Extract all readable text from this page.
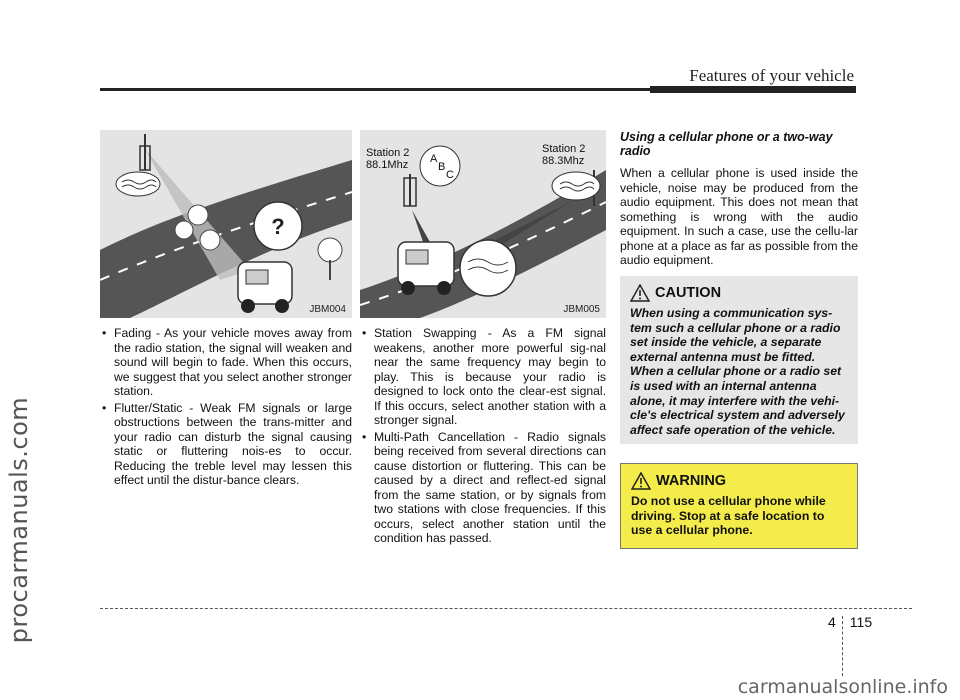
procarmanuals.com
Features of your vehicle
?
JBM004
Station 2
88.1Mhz
Station 2
88.3Mhz
A
B
C
JBM005

• Fading - As your vehicle moves away from the radio station, the signal will weaken and sound will begin to fade. When this occurs, we suggest that you select another stronger station.

• Flutter/Static - Weak FM signals or large obstructions between the trans-mitter and your radio can disturb the signal causing static or fluttering nois-es to occur. Reducing the treble level may lessen this effect until the distur-bance clears.

• Station Swapping - As a FM signal weakens, another more powerful sig-nal near the same frequency may begin to play. This is because your radio is designed to lock onto the clear-est signal. If this occurs, select another station with a stronger signal.

• Multi-Path Cancellation - Radio signals being received from several directions can cause distortion or fluttering. This can be caused by a direct and reflect-ed signal from the same station, or by signals from two stations with close frequencies. If this occurs, select another station until the condition has passed.

Using a cellular phone or a two-way radio

When a cellular phone is used inside the vehicle, noise may be produced from the audio equipment. This does not mean that something is wrong with the audio equipment. In such a case, use the cellu-lar phone at a place as far as possible from the audio equipment.

CAUTION

When using a communication sys-tem such a cellular phone or a radio set inside the vehicle, a separate external antenna must be fitted. When a cellular phone or a radio set is used with an internal antenna alone, it may interfere with the vehi-cle's electrical system and adversely affect safe operation of the vehicle.

WARNING

Do not use a cellular phone while driving. Stop at a safe location to use a cellular phone.

4 115
carmanualsonline.info
